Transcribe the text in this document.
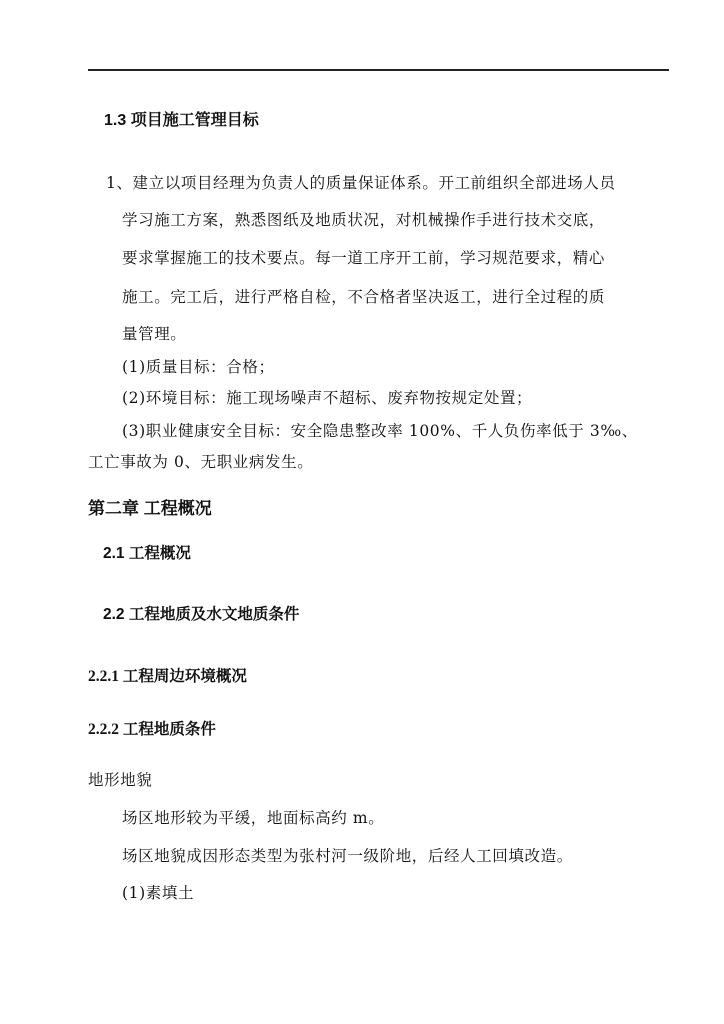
1.3 项目施工管理目标
1、建立以项目经理为负责人的质量保证体系。开工前组织全部进场人员
学习施工方案，熟悉图纸及地质状况，对机械操作手进行技术交底，
要求掌握施工的技术要点。每一道工序开工前，学习规范要求，精心
施工。完工后，进行严格自检，不合格者坚决返工，进行全过程的质
量管理。
(1)质量目标：合格；
(2)环境目标：施工现场噪声不超标、废弃物按规定处置；
(3)职业健康安全目标：安全隐患整改率 100%、千人负伤率低于 3‰、
工亡事故为 0、无职业病发生。
第二章 工程概况
2.1 工程概况
2.2 工程地质及水文地质条件
2.2.1 工程周边环境概况
2.2.2 工程地质条件
地形地貌
场区地形较为平缓，地面标高约 m。
场区地貌成因形态类型为张村河一级阶地，后经人工回填改造。
(1)素填土
